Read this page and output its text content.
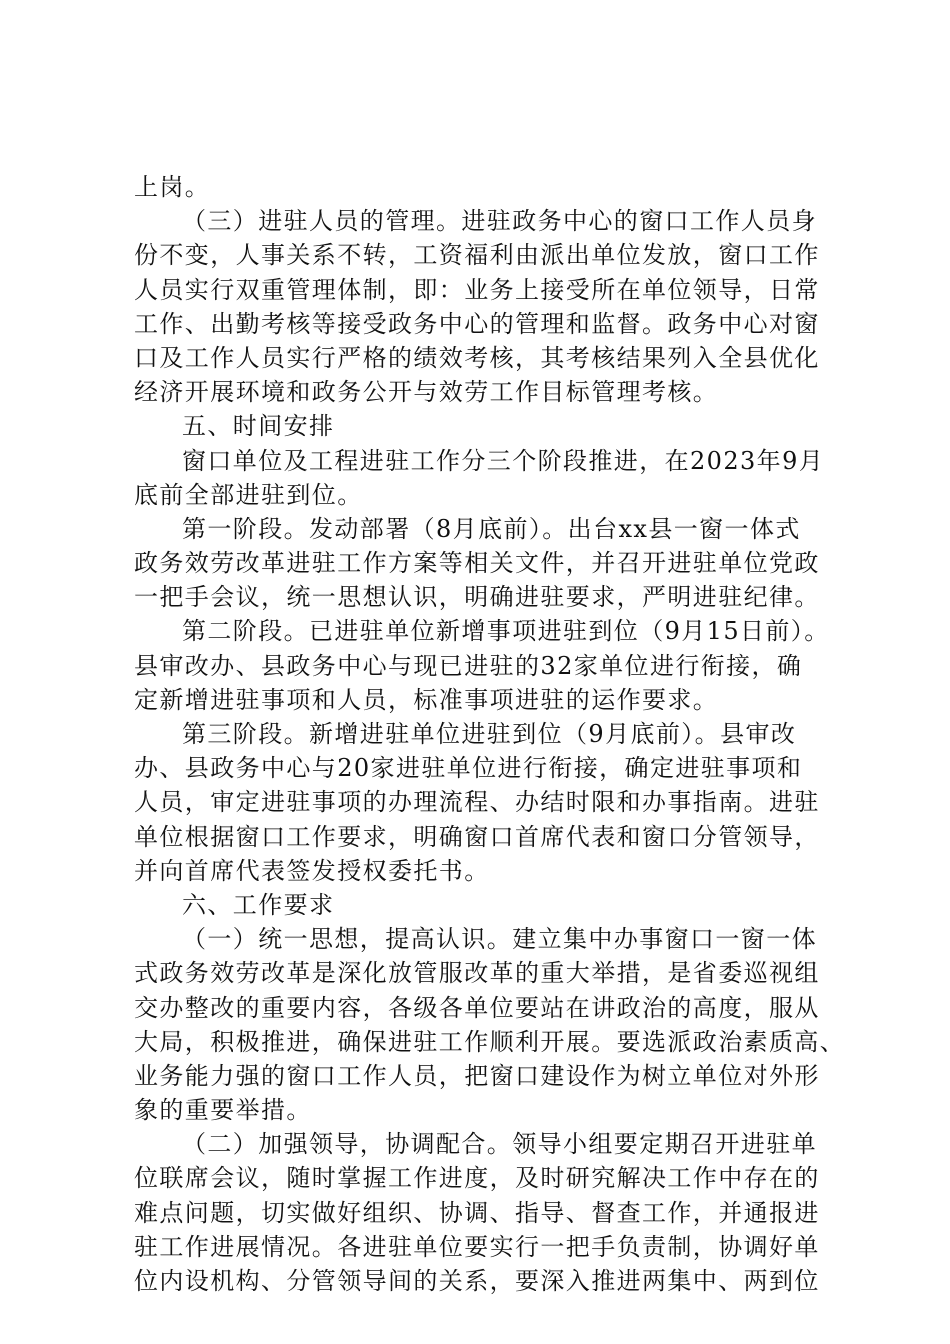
上岗。
（三）进驻人员的管理。进驻政务中心的窗口工作人员身
份不变，人事关系不转，工资福利由派出单位发放，窗口工作
人员实行双重管理体制，即：业务上接受所在单位领导，日常
工作、出勤考核等接受政务中心的管理和监督。政务中心对窗
口及工作人员实行严格的绩效考核，其考核结果列入全县优化
经济开展环境和政务公开与效劳工作目标管理考核。
五、时间安排
窗口单位及工程进驻工作分三个阶段推进，在2023年9月
底前全部进驻到位。
第一阶段。发动部署（8月底前）。出台xx县一窗一体式
政务效劳改革进驻工作方案等相关文件，并召开进驻单位党政
一把手会议，统一思想认识，明确进驻要求，严明进驻纪律。
第二阶段。已进驻单位新增事项进驻到位（9月15日前）。
县审改办、县政务中心与现已进驻的32家单位进行衔接，确
定新增进驻事项和人员，标准事项进驻的运作要求。
第三阶段。新增进驻单位进驻到位（9月底前）。县审改
办、县政务中心与20家进驻单位进行衔接，确定进驻事项和
人员，审定进驻事项的办理流程、办结时限和办事指南。进驻
单位根据窗口工作要求，明确窗口首席代表和窗口分管领导，
并向首席代表签发授权委托书。
六、工作要求
（一）统一思想，提高认识。建立集中办事窗口一窗一体
式政务效劳改革是深化放管服改革的重大举措，是省委巡视组
交办整改的重要内容，各级各单位要站在讲政治的高度，服从
大局，积极推进，确保进驻工作顺利开展。要选派政治素质高、
业务能力强的窗口工作人员，把窗口建设作为树立单位对外形
象的重要举措。
（二）加强领导，协调配合。领导小组要定期召开进驻单
位联席会议，随时掌握工作进度，及时研究解决工作中存在的
难点问题，切实做好组织、协调、指导、督查工作，并通报进
驻工作进展情况。各进驻单位要实行一把手负责制，协调好单
位内设机构、分管领导间的关系，要深入推进两集中、两到位
